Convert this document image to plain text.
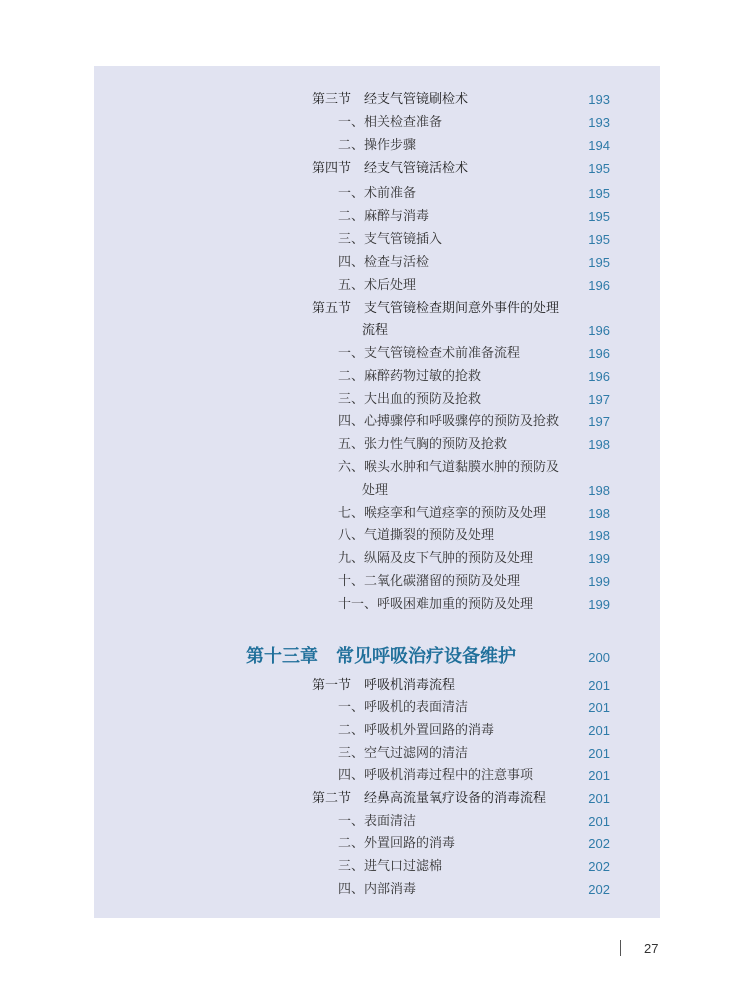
第三节　经支气管镜刷检术	193
一、相关检查准备	193
二、操作步骤	194
第四节　经支气管镜活检术	195
一、术前准备	195
二、麻醉与消毒	195
三、支气管镜插入	195
四、检查与活检	195
五、术后处理	196
第五节　支气管镜检查期间意外事件的处理
流程	196
一、支气管镜检查术前准备流程	196
二、麻醉药物过敏的抢救	196
三、大出血的预防及抢救	197
四、心搏骤停和呼吸骤停的预防及抢救	197
五、张力性气胸的预防及抢救	198
六、喉头水肿和气道黏膜水肿的预防及
处理	198
七、喉痉挛和气道痉挛的预防及处理	198
八、气道撕裂的预防及处理	198
九、纵隔及皮下气肿的预防及处理	199
十、二氧化碳潴留的预防及处理	199
十一、呼吸困难加重的预防及处理	199
第十三章　常见呼吸治疗设备维护	200
第一节　呼吸机消毒流程	201
一、呼吸机的表面清洁	201
二、呼吸机外置回路的消毒	201
三、空气过滤网的清洁	201
四、呼吸机消毒过程中的注意事项	201
第二节　经鼻高流量氧疗设备的消毒流程	201
一、表面清洁	201
二、外置回路的消毒	202
三、进气口过滤棉	202
四、内部消毒	202
27
